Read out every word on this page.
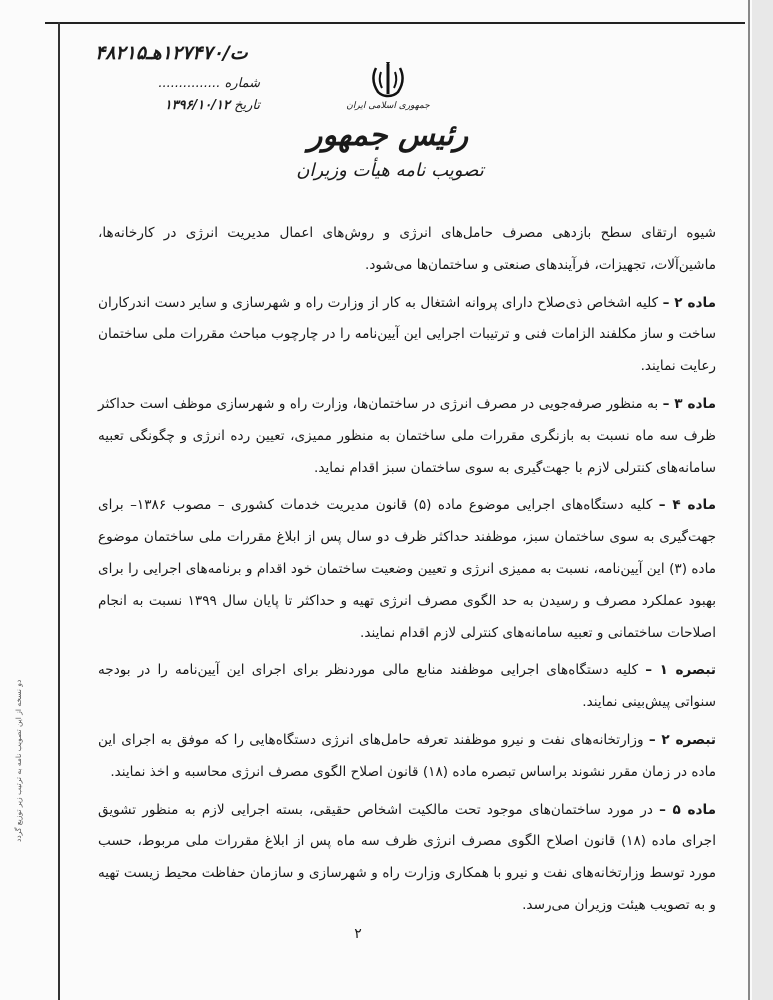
۴۸۲۱۵ت/۱۲۷۴۷۰هـ
شماره ...............
تاریخ ۱۳۹۶/۱۰/۱۲	جمهوری اسلامی ایران
رئیس جمهور
تصویب نامه هیأت وزیران

شیوه ارتقای سطح بازدهی مصرف حامل‌های انرژی و روش‌های اعمال مدیریت انرژی در کارخانه‌ها، ماشین‌آلات، تجهیزات، فرآیندهای صنعتی و ساختمان‌ها می‌شود.

ماده ۲ – کلیه اشخاص ذی‌صلاح دارای پروانه اشتغال به کار از وزارت راه و شهرسازی و سایر دست اندرکاران ساخت و ساز مکلفند الزامات فنی و ترتیبات اجرایی این آیین‌نامه را در چارچوب مباحث مقررات ملی ساختمان رعایت نمایند.

ماده ۳ – به منظور صرفه‌جویی در مصرف انرژی در ساختمان‌ها، وزارت راه و شهرسازی موظف است حداکثر ظرف سه ماه نسبت به بازنگری مقررات ملی ساختمان به منظور ممیزی، تعیین رده انرژی و چگونگی تعبیه سامانه‌های کنترلی لازم با جهت‌گیری به سوی ساختمان سبز اقدام نماید.

ماده ۴ – کلیه دستگاه‌های اجرایی موضوع ماده (۵) قانون مدیریت خدمات کشوری – مصوب ۱۳۸۶– برای جهت‌گیری به سوی ساختمان سبز، موظفند حداکثر ظرف دو سال پس از ابلاغ مقررات ملی ساختمان موضوع ماده (۳) این آیین‌نامه، نسبت به ممیزی انرژی و تعیین وضعیت ساختمان خود اقدام و برنامه‌های اجرایی را برای بهبود عملکرد مصرف و رسیدن به حد الگوی مصرف انرژی تهیه و حداکثر تا پایان سال ۱۳۹۹ نسبت به انجام اصلاحات ساختمانی و تعبیه سامانه‌های کنترلی لازم اقدام نمایند.

تبصره ۱ – کلیه دستگاه‌های اجرایی موظفند منابع مالی موردنظر برای اجرای این آیین‌نامه را در بودجه سنواتی پیش‌بینی نمایند.

تبصره ۲ – وزارتخانه‌های نفت و نیرو موظفند تعرفه حامل‌های انرژی دستگاه‌هایی را که موفق به اجرای این ماده در زمان مقرر نشوند براساس تبصره ماده (۱۸) قانون اصلاح الگوی مصرف انرژی محاسبه و اخذ نمایند.

ماده ۵ – در مورد ساختمان‌های موجود تحت مالکیت اشخاص حقیقی، بسته اجرایی لازم به منظور تشویق اجرای ماده (۱۸) قانون اصلاح الگوی مصرف انرژی ظرف سه ماه پس از ابلاغ مقررات ملی مربوط، حسب مورد توسط وزارتخانه‌های نفت و نیرو با همکاری وزارت راه و شهرسازی و سازمان حفاظت محیط زیست تهیه و به تصویب هیئت وزیران می‌رسد.

۲
دو نسخه از این تصویب نامه به ترتیب زیر توزیع گردد
